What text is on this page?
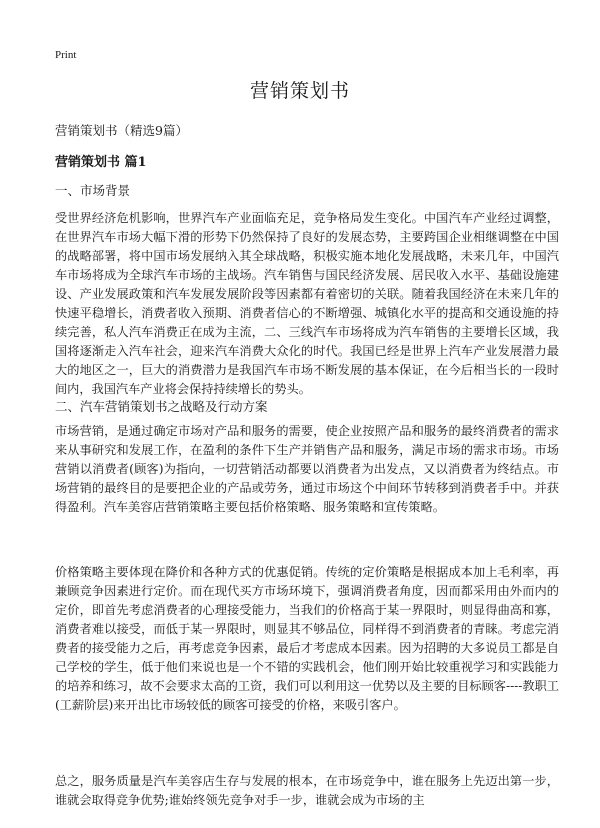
Print
营销策划书
营销策划书（精选9篇）
营销策划书 篇1
一、市场背景

受世界经济危机影响，世界汽车产业面临充足，竞争格局发生变化。中国汽车产业经过调整，在世界汽车市场大幅下滑的形势下仍然保持了良好的发展态势，主要跨国企业相继调整在中国的战略部署，将中国市场发展纳入其全球战略，积极实施本地化发展战略，未来几年，中国汽车市场将成为全球汽车市场的主战场。汽车销售与国民经济发展、居民收入水平、基础设施建设、产业发展政策和汽车发展发展阶段等因素都有着密切的关联。随着我国经济在未来几年的快速平稳增长，消费者收入预期、消费者信心的不断增强、城镇化水平的提高和交通设施的持续完善，私人汽车消费正在成为主流，二、三线汽车市场将成为汽车销售的主要增长区域，我国将逐渐走入汽车社会，迎来汽车消费大众化的时代。我国已经是世界上汽车产业发展潜力最大的地区之一，巨大的消费潜力是我国汽车市场不断发展的基本保证，在今后相当长的一段时间内，我国汽车产业将会保持持续增长的势头。

二、汽车营销策划书之战略及行动方案

市场营销，是通过确定市场对产品和服务的需要，使企业按照产品和服务的最终消费者的需求来从事研究和发展工作，在盈利的条件下生产并销售产品和服务，满足市场的需求市场。市场营销以消费者(顾客)为指向，一切营销活动都要以消费者为出发点，又以消费者为终结点。市场营销的最终目的是要把企业的产品或劳务，通过市场这个中间环节转移到消费者手中。并获得盈利。汽车美容店营销策略主要包括价格策略、服务策略和宣传策略。

价格策略主要体现在降价和各种方式的优惠促销。传统的定价策略是根据成本加上毛利率，再兼顾竞争因素进行定价。而在现代买方市场环境下，强调消费者角度，因而都采用由外而内的定价，即首先考虑消费者的心理接受能力，当我们的价格高于某一界限时，则显得曲高和寡，消费者难以接受，而低于某一界限时，则显其不够品位，同样得不到消费者的青睐。考虑完消费者的接受能力之后，再考虑竞争因素，最后才考虑成本因素。因为招聘的大多说员工都是自己学校的学生，低于他们来说也是一个不错的实践机会，他们刚开始比较重视学习和实践能力的培养和练习，故不会要求太高的工资，我们可以利用这一优势以及主要的目标顾客----教职工(工薪阶层)来开出比市场较低的顾客可接受的价格，来吸引客户。

总之，服务质量是汽车美容店生存与发展的根本，在市场竞争中，谁在服务上先迈出第一步，谁就会取得竞争优势;谁始终领先竞争对手一步，谁就会成为市场的主
